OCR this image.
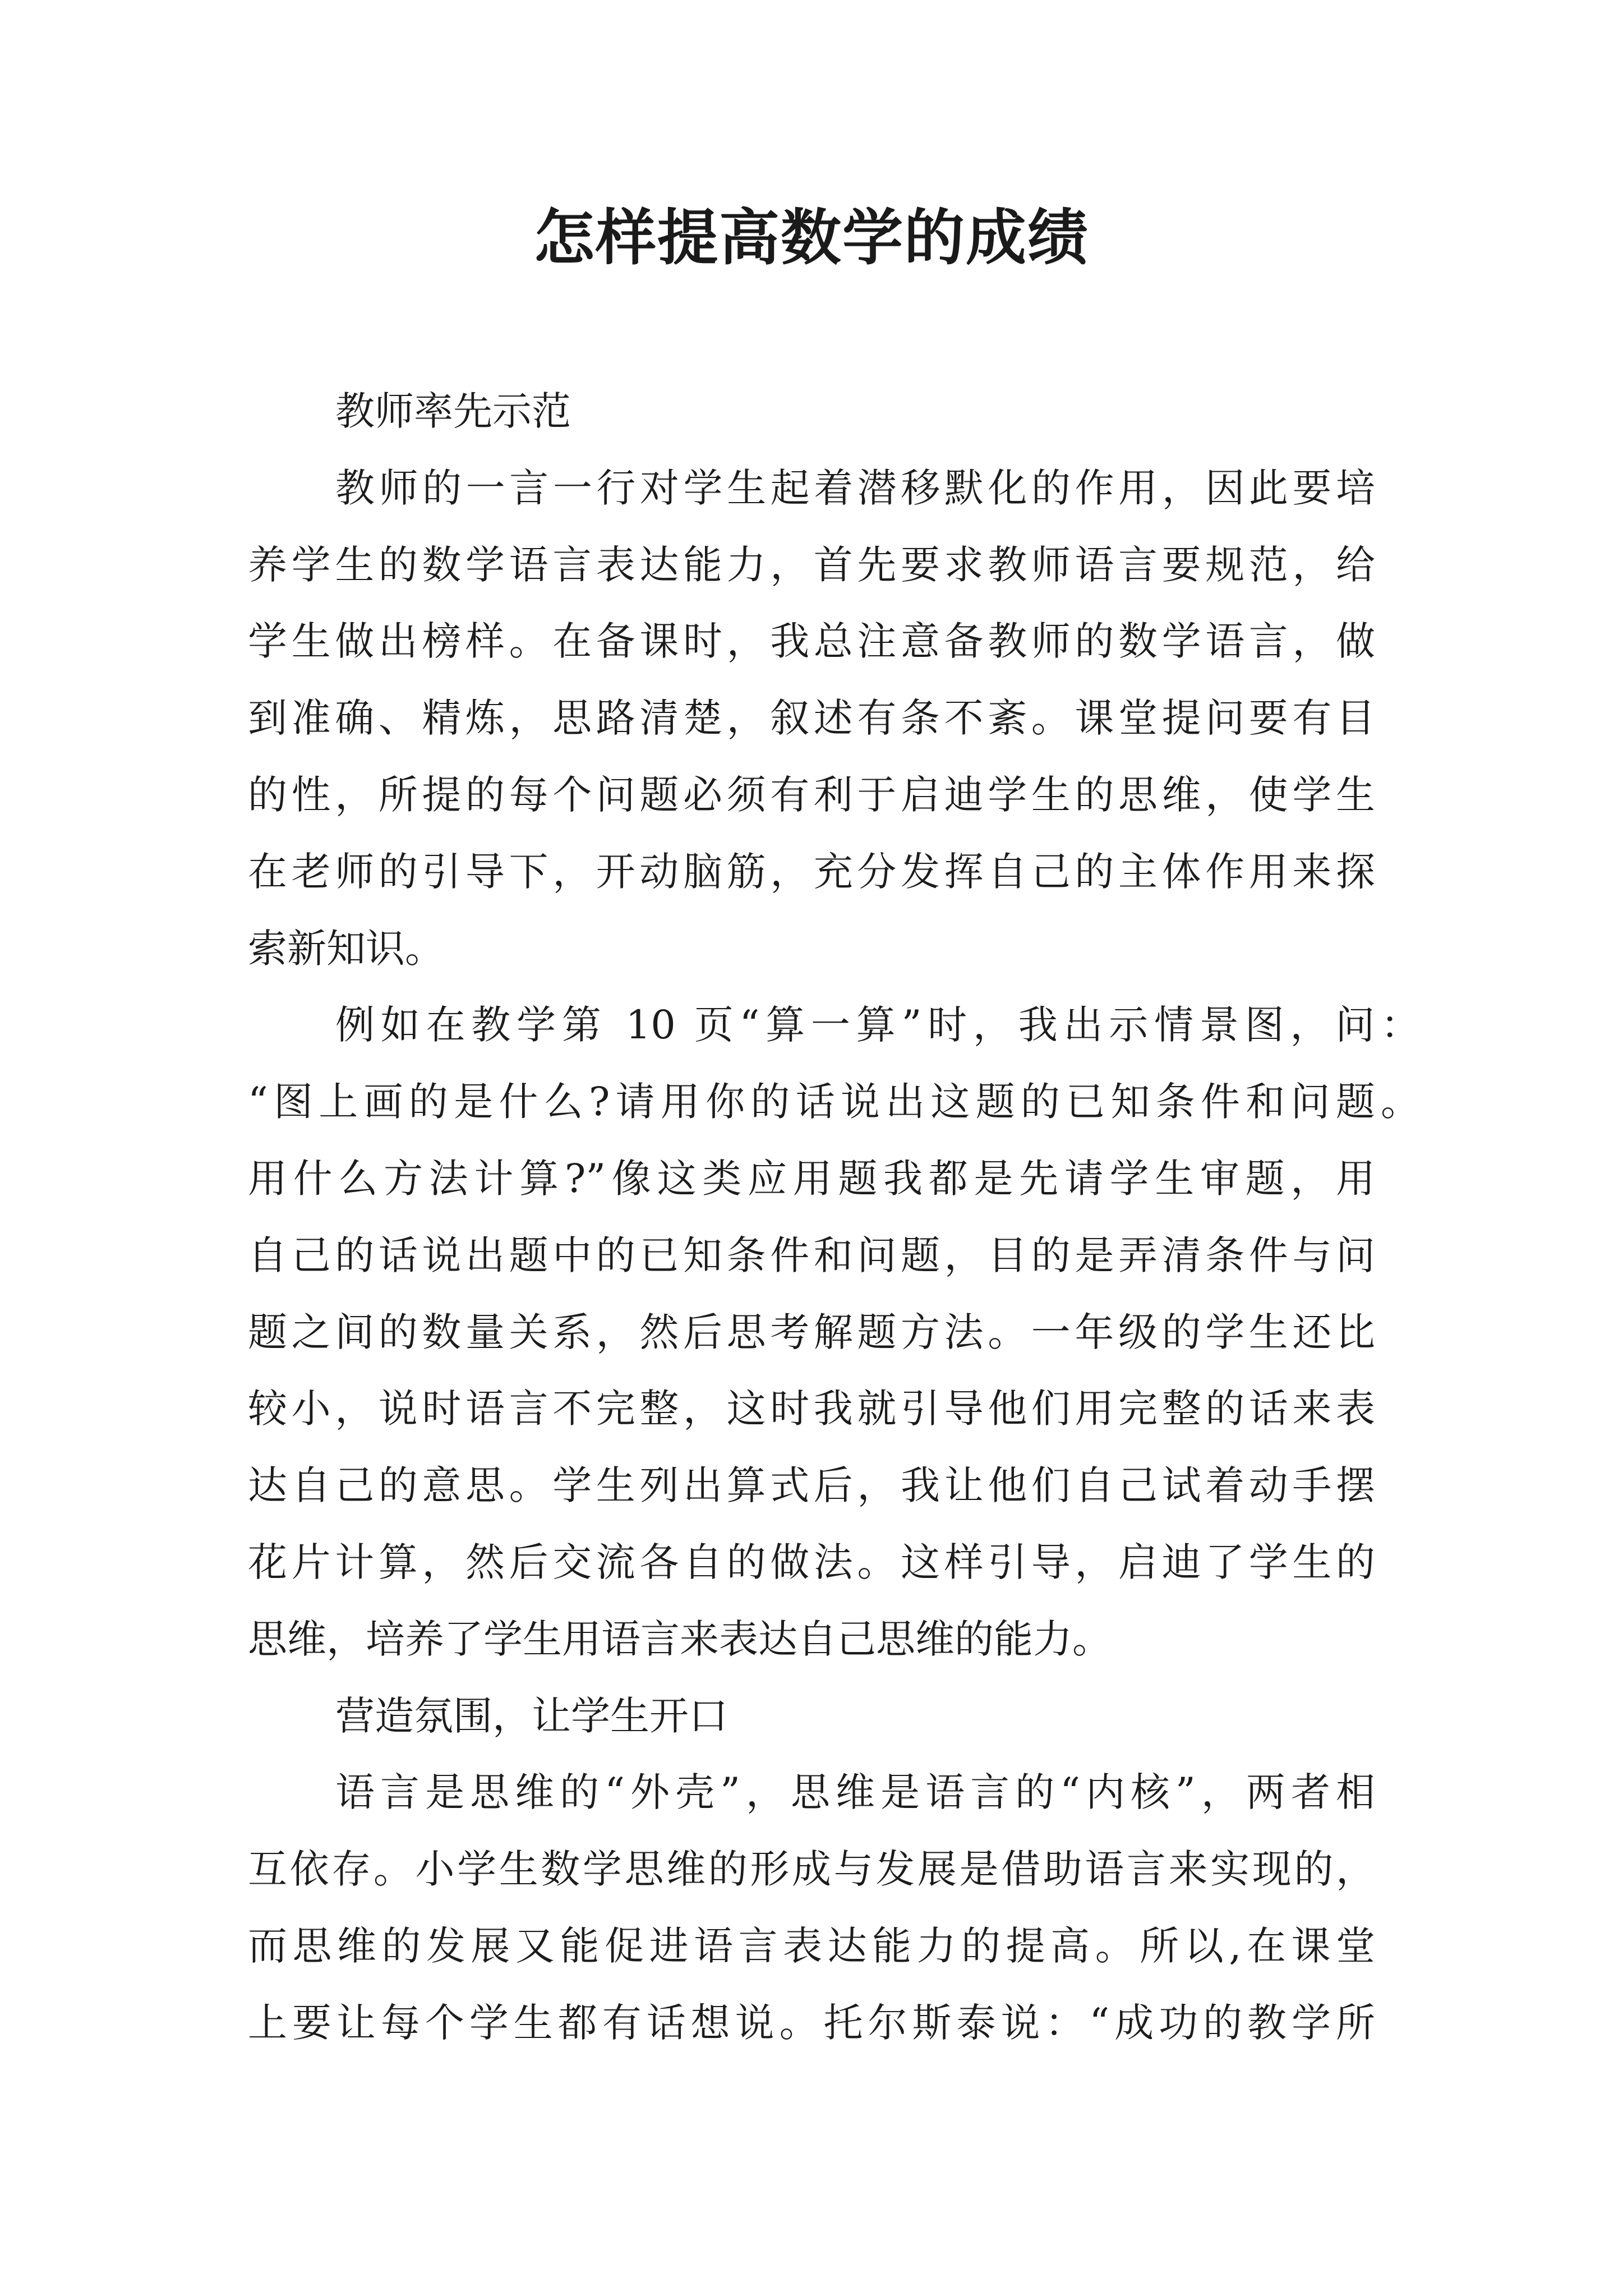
怎样提高数学的成绩

教师率先示范

教师的一言一行对学生起着潜移默化的作用，因此要培

养学生的数学语言表达能力，首先要求教师语言要规范，给

学生做出榜样。在备课时，我总注意备教师的数学语言，做

到准确、精炼，思路清楚，叙述有条不紊。课堂提问要有目

的性，所提的每个问题必须有利于启迪学生的思维，使学生

在老师的引导下，开动脑筋，充分发挥自己的主体作用来探

索新知识。

例如在教学第 10 页“算一算”时，我出示情景图，问：

“图上画的是什么?请用你的话说出这题的已知条件和问题。

用什么方法计算?”像这类应用题我都是先请学生审题，用

自己的话说出题中的已知条件和问题，目的是弄清条件与问

题之间的数量关系，然后思考解题方法。一年级的学生还比

较小，说时语言不完整，这时我就引导他们用完整的话来表

达自己的意思。学生列出算式后，我让他们自己试着动手摆

花片计算，然后交流各自的做法。这样引导，启迪了学生的

思维，培养了学生用语言来表达自己思维的能力。

营造氛围，让学生开口

语言是思维的“外壳”，思维是语言的“内核”，两者相

互依存。小学生数学思维的形成与发展是借助语言来实现的，

而思维的发展又能促进语言表达能力的提高。所以,在课堂

上要让每个学生都有话想说。托尔斯泰说：“成功的教学所
